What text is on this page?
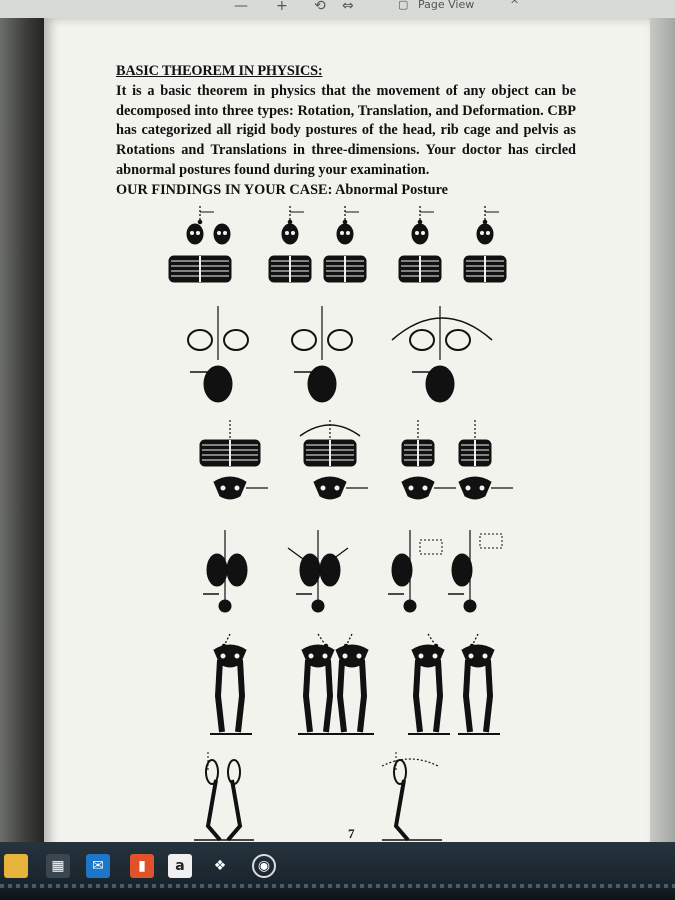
— + ⟲ ⇔	▢ Page View	^
BASIC THEOREM IN PHYSICS:
It is a basic theorem in physics that the movement of any object can be decomposed into three types: Rotation, Translation, and Deformation. CBP has categorized all rigid body postures of the head, rib cage and pelvis as Rotations and Translations in three-dimensions. Your doctor has circled abnormal postures found during your examination.
OUR FINDINGS IN YOUR CASE: Abnormal Posture
7
▦	✉	▮	a	❖	◉
